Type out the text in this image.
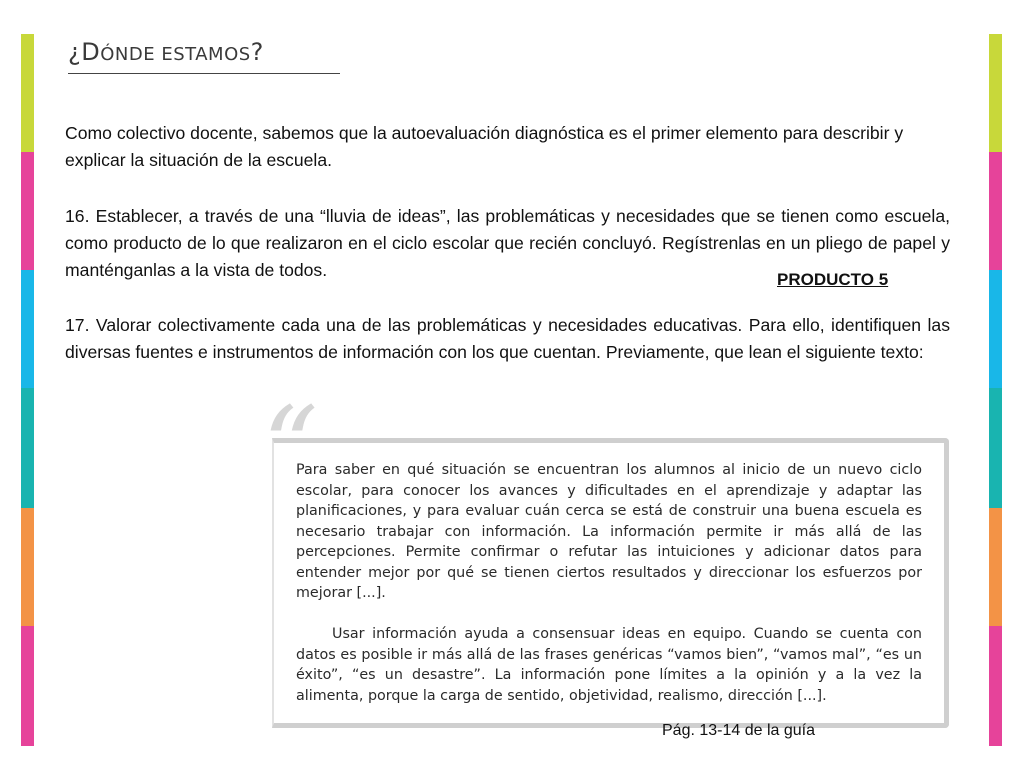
¿DÓNDE ESTAMOS?
Como colectivo docente, sabemos que la autoevaluación diagnóstica es el primer elemento para describir y explicar la situación de la escuela.
16. Establecer, a través de una “lluvia de ideas”, las problemáticas y necesidades que se tienen como escuela, como producto de lo que realizaron en el ciclo escolar que recién concluyó. Regístrenlas en un pliego de papel y manténganlas a la vista de todos.	PRODUCTO 5
17. Valorar colectivamente cada una de las problemáticas y necesidades educativas. Para ello, identifiquen las diversas fuentes e instrumentos de información con los que cuentan. Previamente, que lean el siguiente texto:
“
Para saber en qué situación se encuentran los alumnos al inicio de un nuevo ciclo escolar, para conocer los avances y dificultades en el aprendizaje y adaptar las planificaciones, y para evaluar cuán cerca se está de construir una buena escuela es necesario trabajar con información. La información permite ir más allá de las percepciones. Permite confirmar o refutar las intuiciones y adicionar datos para entender mejor por qué se tienen ciertos resultados y direccionar los esfuerzos por mejorar [...].
Usar información ayuda a consensuar ideas en equipo. Cuando se cuenta con datos es posible ir más allá de las frases genéricas “vamos bien”, “vamos mal”, “es un éxito”, “es un desastre”. La información pone límites a la opinión y a la vez la alimenta, porque la carga de sentido, objetividad, realismo, dirección [...].
Pág. 13-14 de la guía
